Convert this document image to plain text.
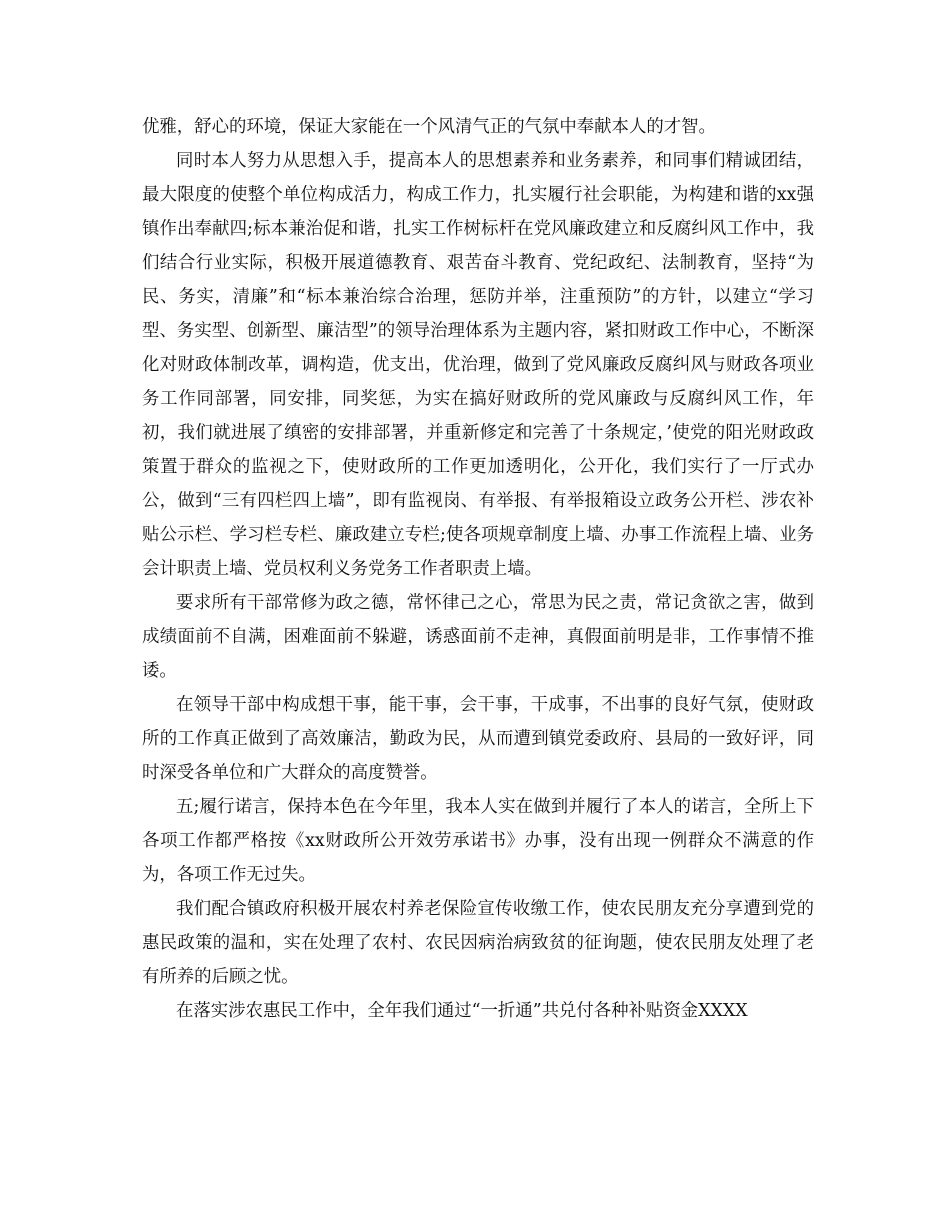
优雅，舒心的环境，保证大家能在一个风清气正的气氛中奉献本人的才智。

同时本人努力从思想入手，提高本人的思想素养和业务素养，和同事们精诚团结，最大限度的使整个单位构成活力，构成工作力，扎实履行社会职能，为构建和谐的xx强镇作出奉献四;标本兼治促和谐，扎实工作树标杆在党风廉政建立和反腐纠风工作中，我们结合行业实际，积极开展道德教育、艰苦奋斗教育、党纪政纪、法制教育，坚持“为民、务实，清廉”和“标本兼治综合治理，惩防并举，注重预防”的方针，以建立“学习型、务实型、创新型、廉洁型”的领导治理体系为主题内容，紧扣财政工作中心，不断深化对财政体制改革，调构造，优支出，优治理，做到了党风廉政反腐纠风与财政各项业务工作同部署，同安排，同奖惩，为实在搞好财政所的党风廉政与反腐纠风工作，年初，我们就进展了缜密的安排部署，并重新修定和完善了十条规定，’使党的阳光财政政策置于群众的监视之下，使财政所的工作更加透明化，公开化，我们实行了一厅式办公，做到“三有四栏四上墙”，即有监视岗、有举报、有举报箱设立政务公开栏、涉农补贴公示栏、学习栏专栏、廉政建立专栏;使各项规章制度上墙、办事工作流程上墙、业务会计职责上墙、党员权利义务党务工作者职责上墙。

要求所有干部常修为政之德，常怀律己之心，常思为民之责，常记贪欲之害，做到成绩面前不自满，困难面前不躲避，诱惑面前不走神，真假面前明是非，工作事情不推诿。

在领导干部中构成想干事，能干事，会干事，干成事，不出事的良好气氛，使财政所的工作真正做到了高效廉洁，勤政为民，从而遭到镇党委政府、县局的一致好评，同时深受各单位和广大群众的高度赞誉。

五;履行诺言，保持本色在今年里，我本人实在做到并履行了本人的诺言，全所上下各项工作都严格按《xx财政所公开效劳承诺书》办事，没有出现一例群众不满意的作为，各项工作无过失。

我们配合镇政府积极开展农村养老保险宣传收缴工作，使农民朋友充分享遭到党的惠民政策的温和，实在处理了农村、农民因病治病致贫的征询题，使农民朋友处理了老有所养的后顾之忧。

在落实涉农惠民工作中，全年我们通过“一折通”共兑付各种补贴资金XXXX
